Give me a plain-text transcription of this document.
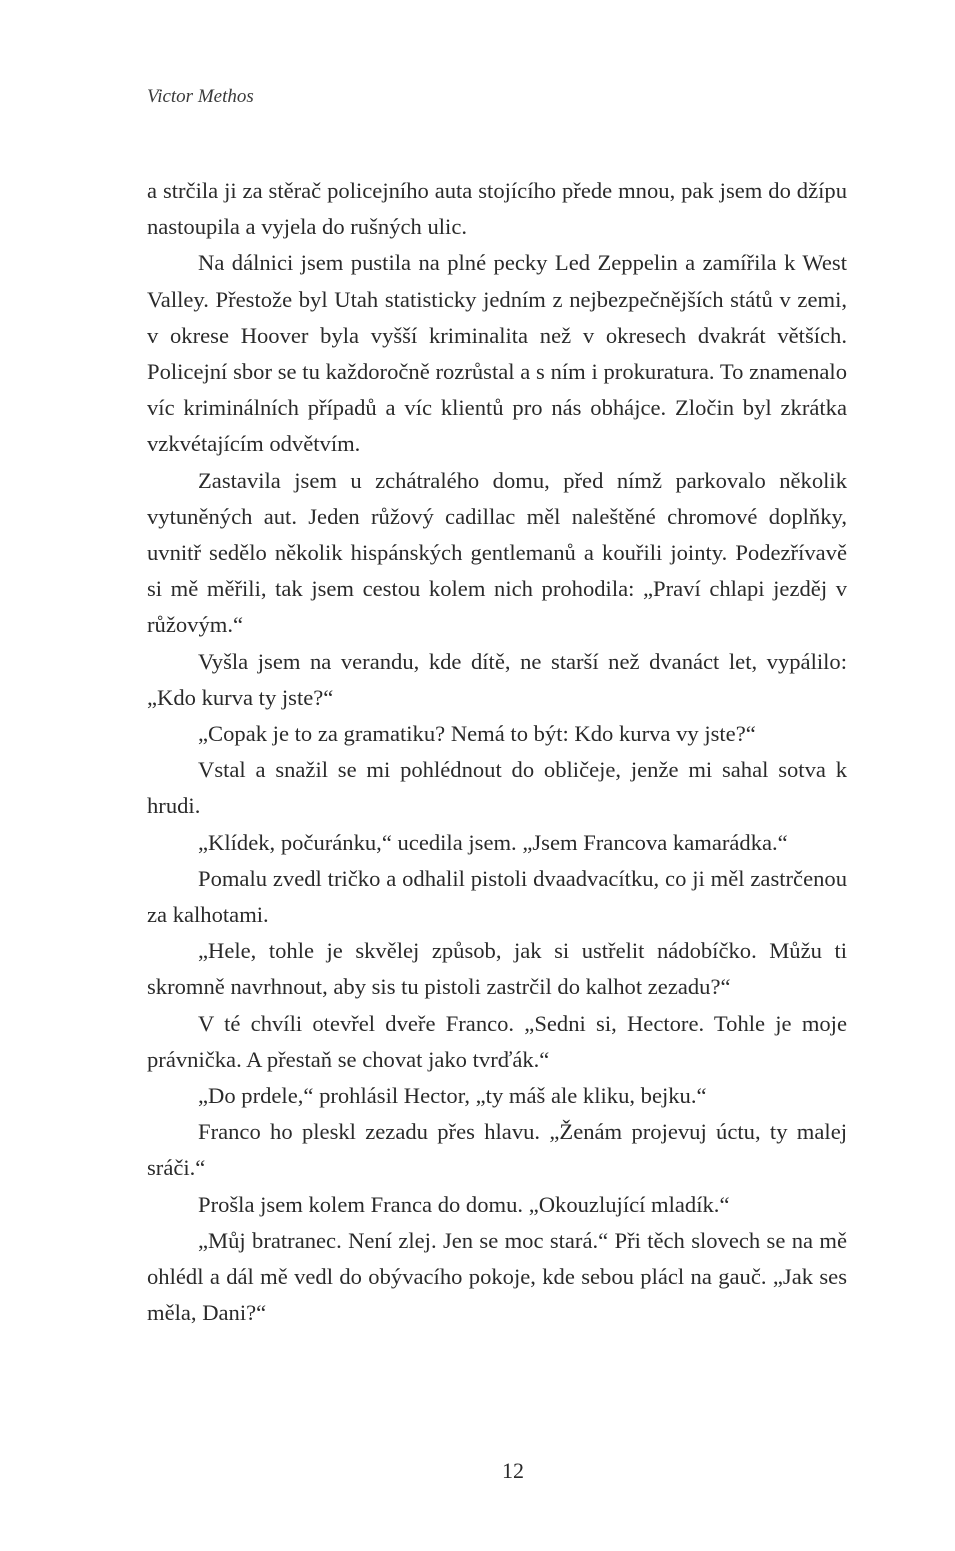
Victor Methos

a strčila ji za stěrač policejního auta stojícího přede mnou, pak jsem do džípu nastoupila a vyjela do rušných ulic.

Na dálnici jsem pustila na plné pecky Led Zeppelin a zamířila k West Valley. Přestože byl Utah statisticky jedním z nejbezpečnějších států v zemi, v okrese Hoover byla vyšší kriminalita než v okresech dvakrát větších. Policejní sbor se tu každoročně rozrůstal a s ním i prokuratura. To znamenalo víc kriminálních případů a víc klientů pro nás obhájce. Zločin byl zkrátka vzkvétajícím odvětvím.

Zastavila jsem u zchátralého domu, před nímž parkovalo několik vytuněných aut. Jeden růžový cadillac měl naleštěné chromové doplňky, uvnitř sedělo několik hispánských gentlemanů a kouřili jointy. Podezřívavě si mě měřili, tak jsem cestou kolem nich prohodila: „Praví chlapi jezděj v růžovým.“

Vyšla jsem na verandu, kde dítě, ne starší než dvanáct let, vypálilo: „Kdo kurva ty jste?“

„Copak je to za gramatiku? Nemá to být: Kdo kurva vy jste?“

Vstal a snažil se mi pohlédnout do obličeje, jenže mi sahal sotva k hrudi.

„Klídek, počuránku,“ ucedila jsem. „Jsem Francova kamarádka.“

Pomalu zvedl tričko a odhalil pistoli dvaadvacítku, co ji měl zastrčenou za kalhotami.

„Hele, tohle je skvělej způsob, jak si ustřelit nádobíčko. Můžu ti skromně navrhnout, aby sis tu pistoli zastrčil do kalhot zezadu?“

V té chvíli otevřel dveře Franco. „Sedni si, Hectore. Tohle je moje právnička. A přestaň se chovat jako tvrďák.“

„Do prdele,“ prohlásil Hector, „ty máš ale kliku, bejku.“

Franco ho pleskl zezadu přes hlavu. „Ženám projevuj úctu, ty malej sráči.“

Prošla jsem kolem Franca do domu. „Okouzlující mladík.“

„Můj bratranec. Není zlej. Jen se moc stará.“ Při těch slovech se na mě ohlédl a dál mě vedl do obývacího pokoje, kde sebou plácl na gauč. „Jak ses měla, Dani?“

12
